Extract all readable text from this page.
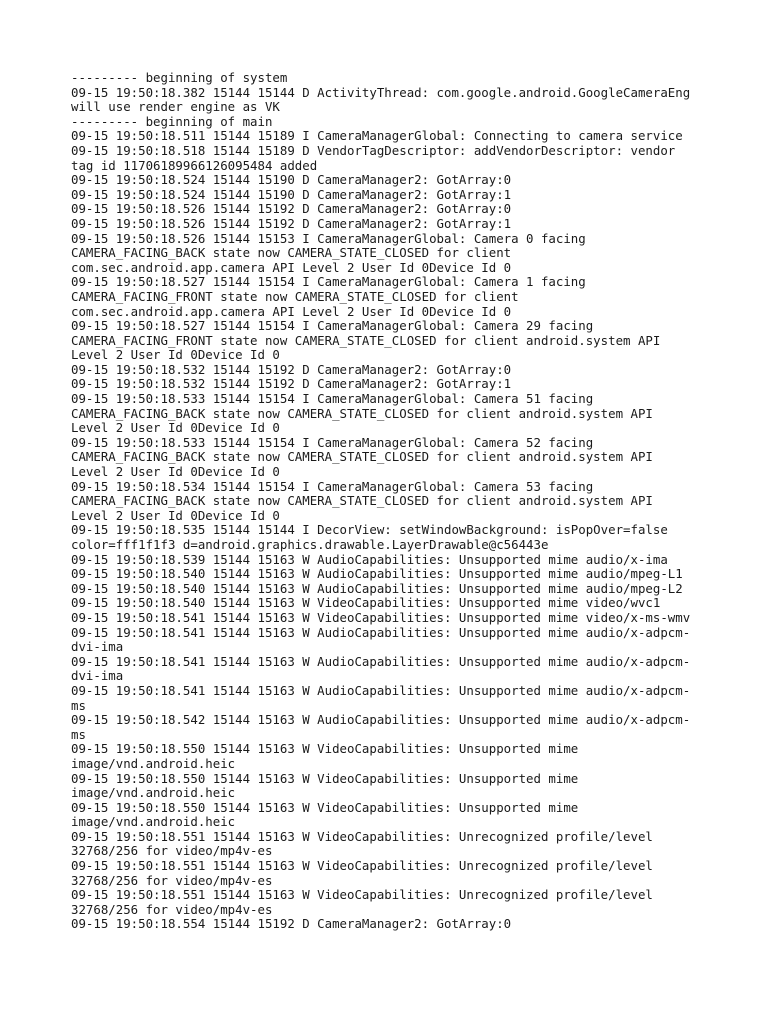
--------- beginning of system
09-15 19:50:18.382 15144 15144 D ActivityThread: com.google.android.GoogleCameraEng
will use render engine as VK
--------- beginning of main
09-15 19:50:18.511 15144 15189 I CameraManagerGlobal: Connecting to camera service
09-15 19:50:18.518 15144 15189 D VendorTagDescriptor: addVendorDescriptor: vendor
tag id 11706189966126095484 added
09-15 19:50:18.524 15144 15190 D CameraManager2: GotArray:0
09-15 19:50:18.524 15144 15190 D CameraManager2: GotArray:1
09-15 19:50:18.526 15144 15192 D CameraManager2: GotArray:0
09-15 19:50:18.526 15144 15192 D CameraManager2: GotArray:1
09-15 19:50:18.526 15144 15153 I CameraManagerGlobal: Camera 0 facing
CAMERA_FACING_BACK state now CAMERA_STATE_CLOSED for client
com.sec.android.app.camera API Level 2 User Id 0Device Id 0
09-15 19:50:18.527 15144 15154 I CameraManagerGlobal: Camera 1 facing
CAMERA_FACING_FRONT state now CAMERA_STATE_CLOSED for client
com.sec.android.app.camera API Level 2 User Id 0Device Id 0
09-15 19:50:18.527 15144 15154 I CameraManagerGlobal: Camera 29 facing
CAMERA_FACING_FRONT state now CAMERA_STATE_CLOSED for client android.system API
Level 2 User Id 0Device Id 0
09-15 19:50:18.532 15144 15192 D CameraManager2: GotArray:0
09-15 19:50:18.532 15144 15192 D CameraManager2: GotArray:1
09-15 19:50:18.533 15144 15154 I CameraManagerGlobal: Camera 51 facing
CAMERA_FACING_BACK state now CAMERA_STATE_CLOSED for client android.system API
Level 2 User Id 0Device Id 0
09-15 19:50:18.533 15144 15154 I CameraManagerGlobal: Camera 52 facing
CAMERA_FACING_BACK state now CAMERA_STATE_CLOSED for client android.system API
Level 2 User Id 0Device Id 0
09-15 19:50:18.534 15144 15154 I CameraManagerGlobal: Camera 53 facing
CAMERA_FACING_BACK state now CAMERA_STATE_CLOSED for client android.system API
Level 2 User Id 0Device Id 0
09-15 19:50:18.535 15144 15144 I DecorView: setWindowBackground: isPopOver=false
color=fff1f1f3 d=android.graphics.drawable.LayerDrawable@c56443e
09-15 19:50:18.539 15144 15163 W AudioCapabilities: Unsupported mime audio/x-ima
09-15 19:50:18.540 15144 15163 W AudioCapabilities: Unsupported mime audio/mpeg-L1
09-15 19:50:18.540 15144 15163 W AudioCapabilities: Unsupported mime audio/mpeg-L2
09-15 19:50:18.540 15144 15163 W VideoCapabilities: Unsupported mime video/wvc1
09-15 19:50:18.541 15144 15163 W VideoCapabilities: Unsupported mime video/x-ms-wmv
09-15 19:50:18.541 15144 15163 W AudioCapabilities: Unsupported mime audio/x-adpcm-
dvi-ima
09-15 19:50:18.541 15144 15163 W AudioCapabilities: Unsupported mime audio/x-adpcm-
dvi-ima
09-15 19:50:18.541 15144 15163 W AudioCapabilities: Unsupported mime audio/x-adpcm-
ms
09-15 19:50:18.542 15144 15163 W AudioCapabilities: Unsupported mime audio/x-adpcm-
ms
09-15 19:50:18.550 15144 15163 W VideoCapabilities: Unsupported mime
image/vnd.android.heic
09-15 19:50:18.550 15144 15163 W VideoCapabilities: Unsupported mime
image/vnd.android.heic
09-15 19:50:18.550 15144 15163 W VideoCapabilities: Unsupported mime
image/vnd.android.heic
09-15 19:50:18.551 15144 15163 W VideoCapabilities: Unrecognized profile/level
32768/256 for video/mp4v-es
09-15 19:50:18.551 15144 15163 W VideoCapabilities: Unrecognized profile/level
32768/256 for video/mp4v-es
09-15 19:50:18.551 15144 15163 W VideoCapabilities: Unrecognized profile/level
32768/256 for video/mp4v-es
09-15 19:50:18.554 15144 15192 D CameraManager2: GotArray:0
